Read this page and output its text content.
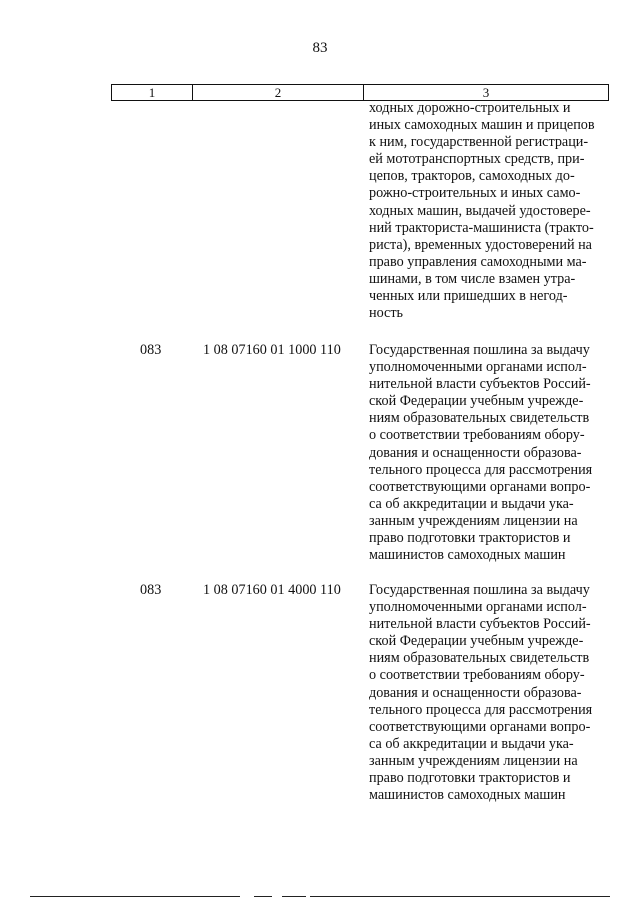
83
1	2	3
ходных дорожно-строительных и
иных самоходных машин и прицепов
к ним, государственной регистраци-
ей мототранспортных средств, при-
цепов, тракторов, самоходных до-
рожно-строительных и иных само-
ходных машин, выдачей удостовере-
ний тракториста-машиниста (тракто-
риста), временных удостоверений на
право управления самоходными ма-
шинами, в том числе взамен утра-
ченных или пришедших в негод-
ность
083	1 08 07160 01 1000 110 Государственная пошлина за выдачу
уполномоченными органами испол-
нительной власти субъектов Россий-
ской Федерации учебным учрежде-
ниям образовательных свидетельств
о соответствии требованиям обору-
дования и оснащенности образова-
тельного процесса для рассмотрения
соответствующими органами вопро-
са об аккредитации и выдачи ука-
занным учреждениям лицензии на
право подготовки трактористов и
машинистов самоходных машин
083	1 08 07160 01 4000 110 Государственная пошлина за выдачу
уполномоченными органами испол-
нительной власти субъектов Россий-
ской Федерации учебным учрежде-
ниям образовательных свидетельств
о соответствии требованиям обору-
дования и оснащенности образова-
тельного процесса для рассмотрения
соответствующими органами вопро-
са об аккредитации и выдачи ука-
занным учреждениям лицензии на
право подготовки трактористов и
машинистов самоходных машин
